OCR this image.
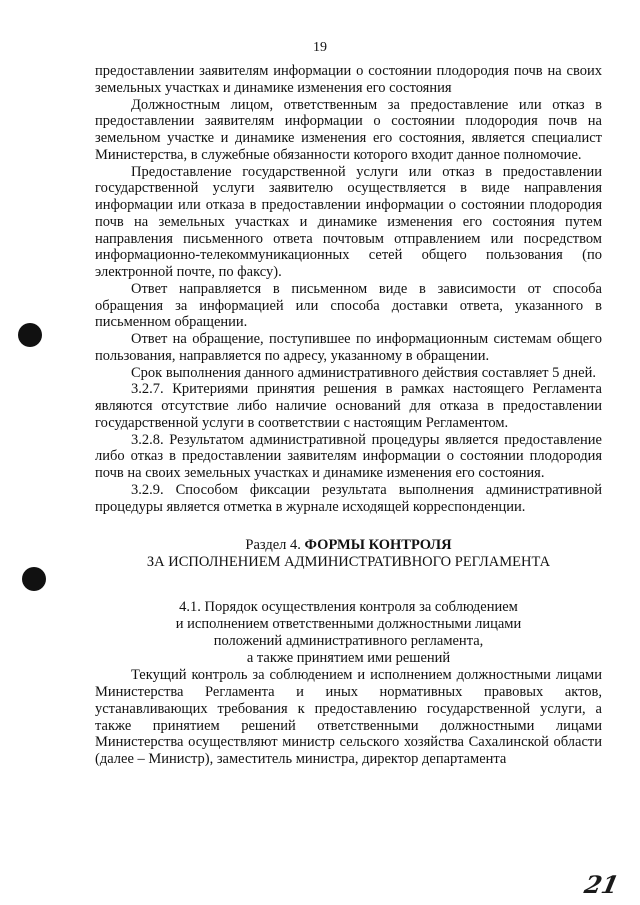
19

предоставлении заявителям информации о состоянии плодородия почв на своих земельных участках и динамике изменения его состояния

Должностным лицом, ответственным за предоставление или отказ в предоставлении заявителям информации о состоянии плодородия почв на земельном участке и динамике изменения его состояния, является специалист Министерства, в служебные обязанности которого входит данное полномочие.

Предоставление государственной услуги или отказ в предоставлении государственной услуги заявителю осуществляется в виде направления информации или отказа в предоставлении информации о состоянии плодородия почв на земельных участках и динамике изменения его состояния путем направления письменного ответа почтовым отправлением или посредством информационно-телекоммуникационных сетей общего пользования (по электронной почте, по факсу).

Ответ направляется в письменном виде в зависимости от способа обращения за информацией или способа доставки ответа, указанного в письменном обращении.

Ответ на обращение, поступившее по информационным системам общего пользования, направляется по адресу, указанному в обращении.

Срок выполнения данного административного действия составляет 5 дней.

3.2.7. Критериями принятия решения в рамках настоящего Регламента являются отсутствие либо наличие оснований для отказа в предоставлении государственной услуги в соответствии с настоящим Регламентом.

3.2.8. Результатом административной процедуры является предоставление либо отказ в предоставлении заявителям информации о состоянии плодородия почв на своих земельных участках и динамике изменения его состояния.

3.2.9. Способом фиксации результата выполнения административной процедуры является отметка в журнале исходящей корреспонденции.

Раздел 4. ФОРМЫ КОНТРОЛЯ
ЗА ИСПОЛНЕНИЕМ АДМИНИСТРАТИВНОГО РЕГЛАМЕНТА
4.1. Порядок осуществления контроля за соблюдением
и исполнением ответственными должностными лицами
положений административного регламента,
а также принятием ими решений

Текущий контроль за соблюдением и исполнением должностными лицами Министерства Регламента и иных нормативных правовых актов, устанавливающих требования к предоставлению государственной услуги, а также принятием решений ответственными должностными лицами Министерства осуществляют министр сельского хозяйства Сахалинской области (далее – Министр), заместитель министра, директор департамента

21
